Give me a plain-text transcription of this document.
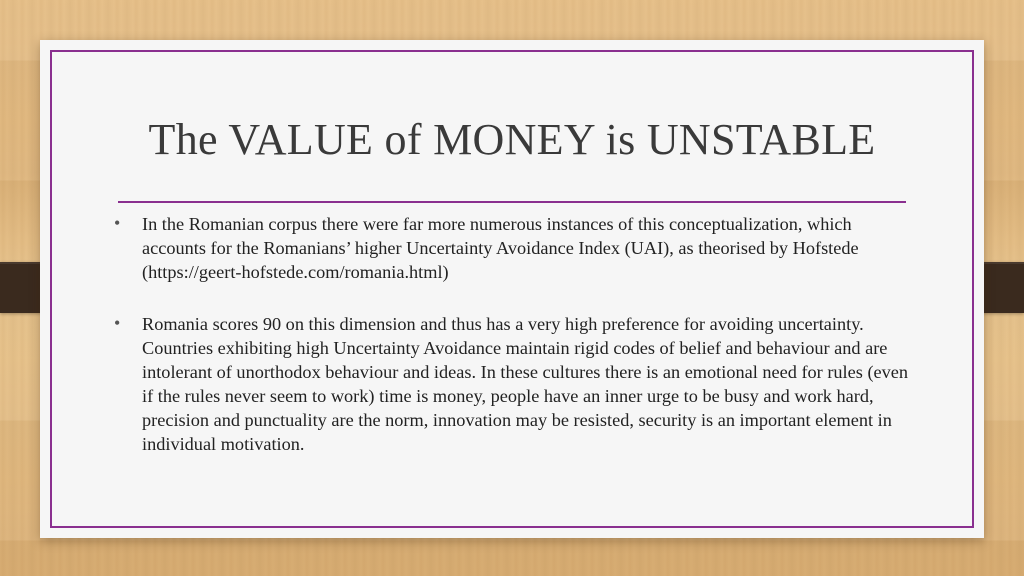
The VALUE of MONEY is UNSTABLE
• In the Romanian corpus there were far more numerous instances of this conceptualization, which accounts for the Romanians’ higher Uncertainty Avoidance Index (UAI), as theorised by Hofstede (https://geert-hofstede.com/romania.html)
• Romania scores 90 on this dimension and thus has a very high preference for avoiding uncertainty. Countries exhibiting high Uncertainty Avoidance maintain rigid codes of belief and behaviour and are intolerant of unorthodox behaviour and ideas. In these cultures there is an emotional need for rules (even if the rules never seem to work) time is money, people have an inner urge to be busy and work hard, precision and punctuality are the norm, innovation may be resisted, security is an important element in individual motivation.
